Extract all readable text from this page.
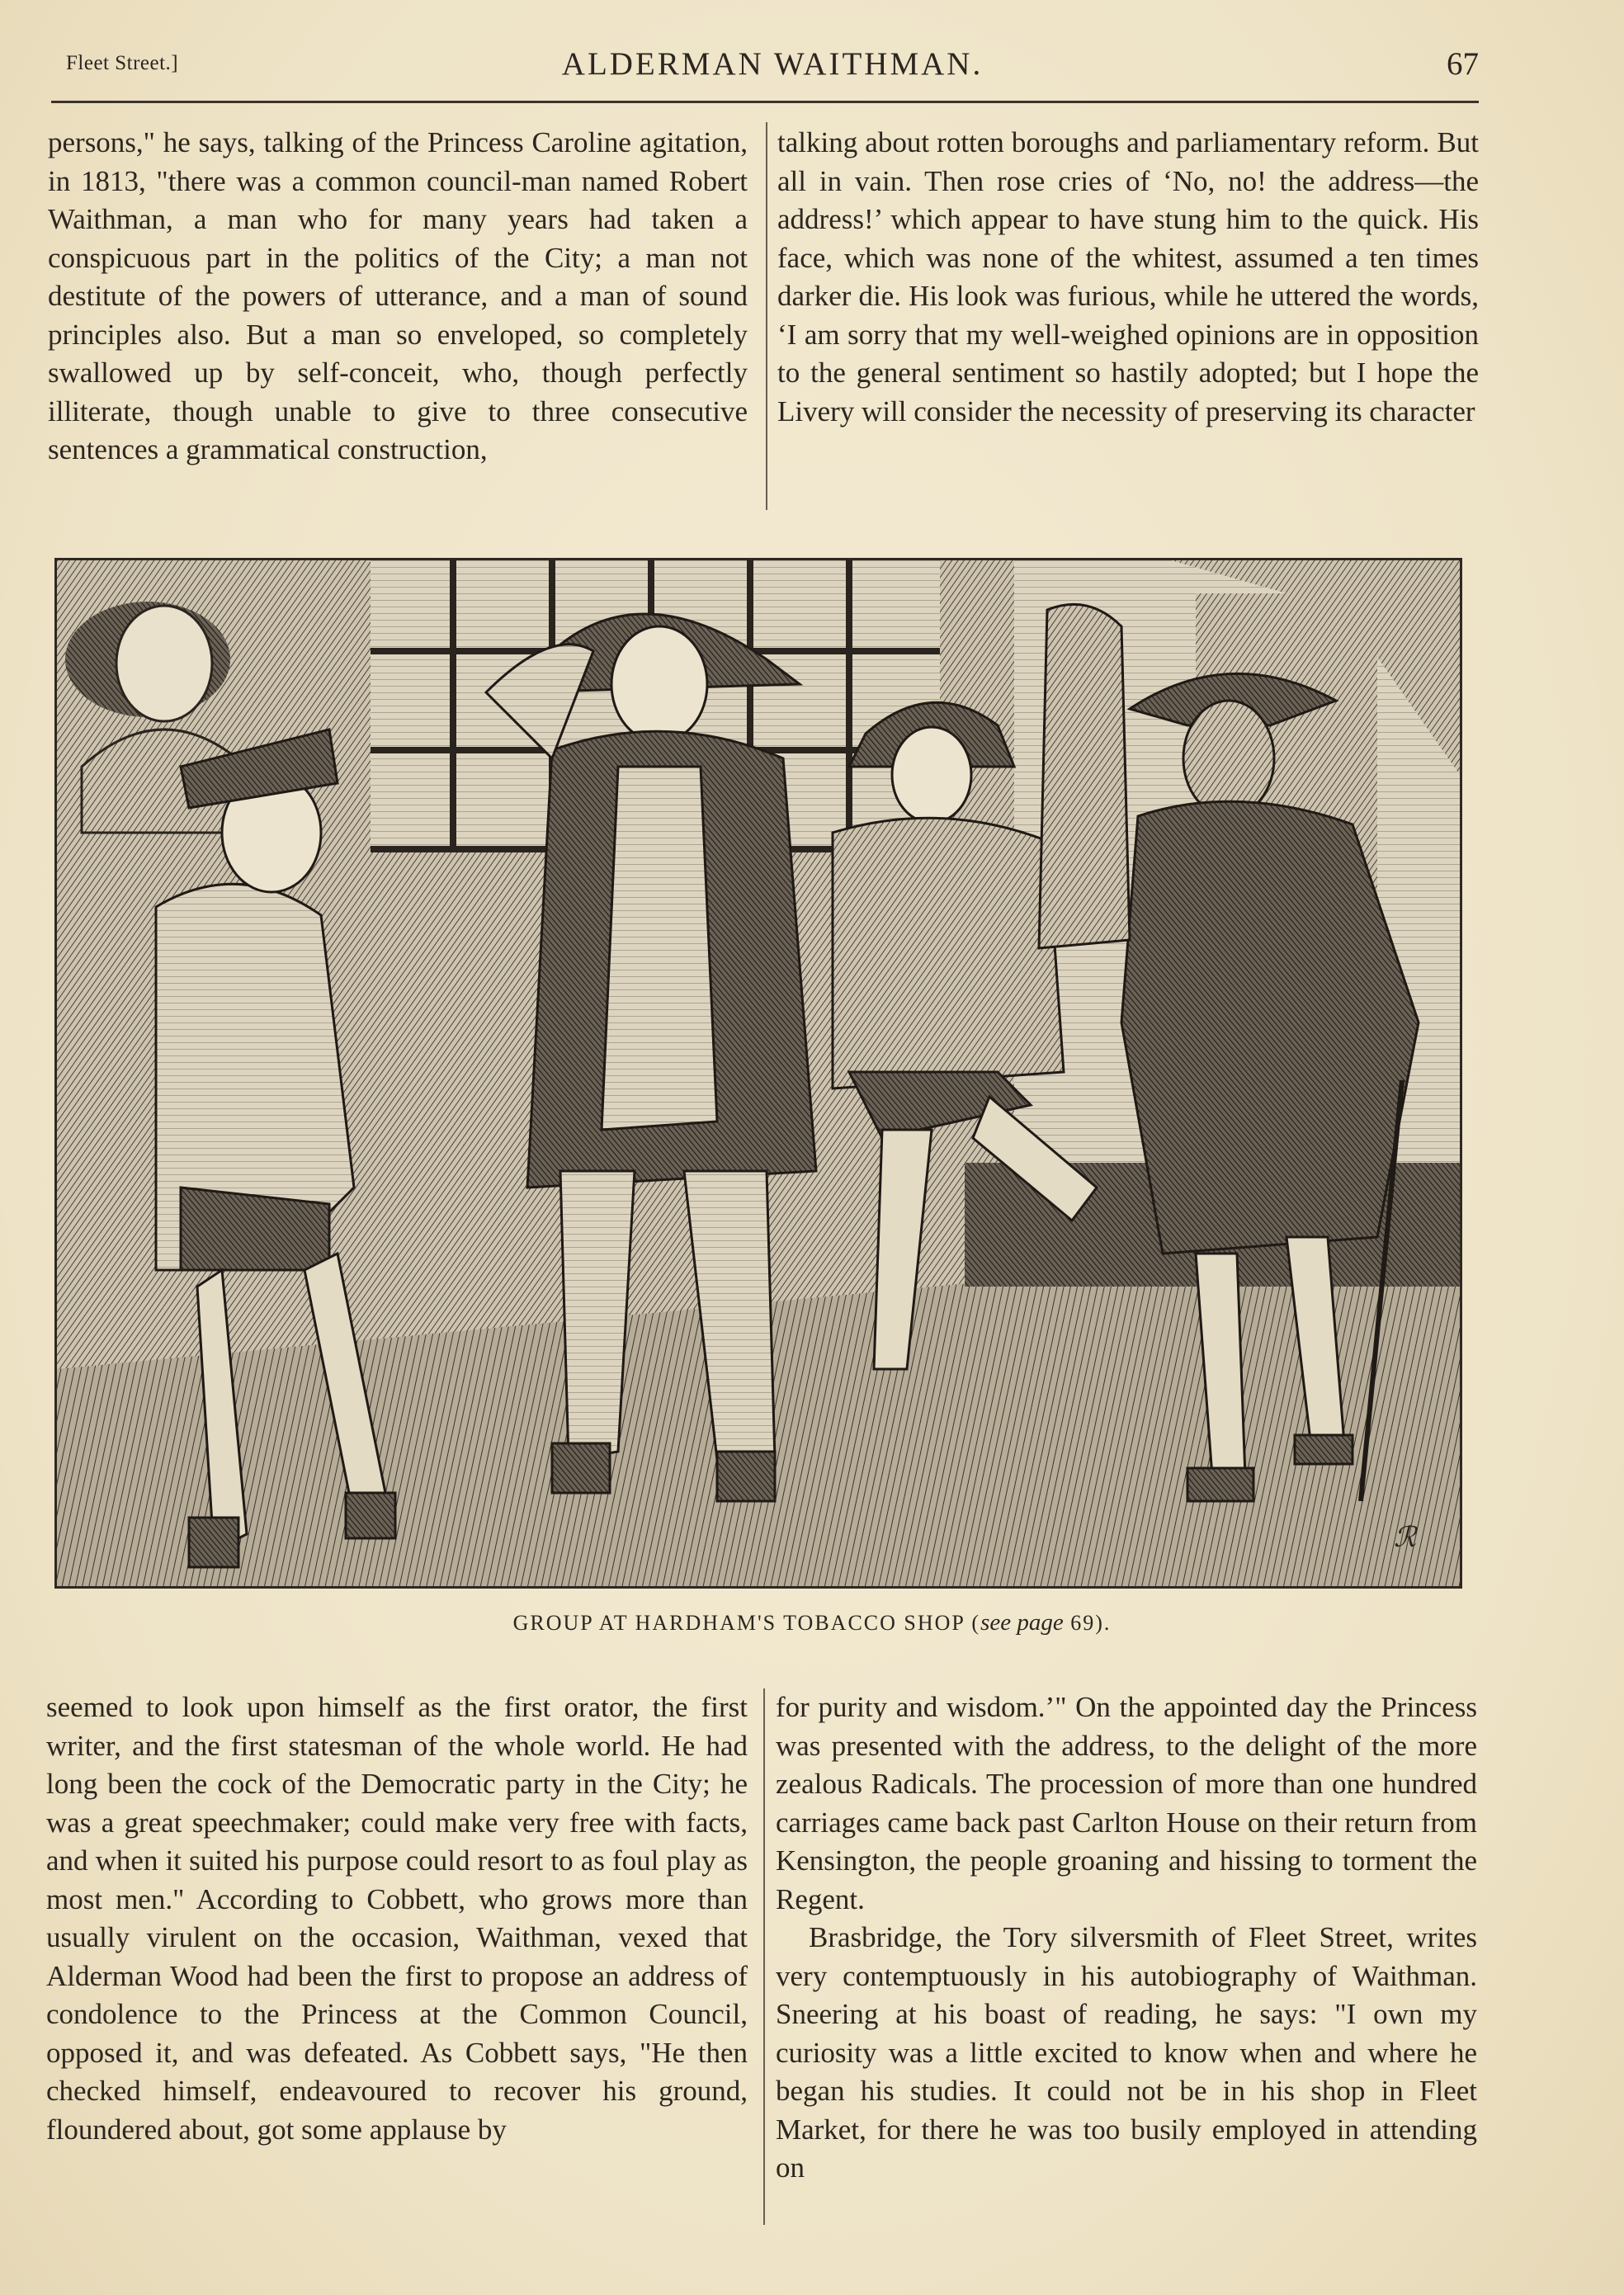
Fleet Street.]	ALDERMAN WAITHMAN.	67

persons," he says, talking of the Princess Caroline agitation, in 1813, "there was a common council-man named Robert Waithman, a man who for many years had taken a conspicuous part in the politics of the City; a man not destitute of the powers of utterance, and a man of sound principles also. But a man so enveloped, so completely swallowed up by self-conceit, who, though perfectly illiterate, though unable to give to three consecutive sentences a grammatical construction,

talking about rotten boroughs and parliamentary reform. But all in vain. Then rose cries of ‘No, no! the address—the address!’ which appear to have stung him to the quick. His face, which was none of the whitest, assumed a ten times darker die. His look was furious, while he uttered the words, ‘I am sorry that my well-weighed opinions are in opposition to the general sentiment so hastily adopted; but I hope the Livery will consider the necessity of preserving its character

ℛ
GROUP AT HARDHAM'S TOBACCO SHOP (see page 69).

seemed to look upon himself as the first orator, the first writer, and the first statesman of the whole world. He had long been the cock of the Democratic party in the City; he was a great speechmaker; could make very free with facts, and when it suited his purpose could resort to as foul play as most men." According to Cobbett, who grows more than usually virulent on the occasion, Waithman, vexed that Alderman Wood had been the first to propose an address of condolence to the Princess at the Common Council, opposed it, and was defeated. As Cobbett says, "He then checked himself, endeavoured to recover his ground, floundered about, got some applause by

for purity and wisdom.’" On the appointed day the Princess was presented with the address, to the delight of the more zealous Radicals. The procession of more than one hundred carriages came back past Carlton House on their return from Kensington, the people groaning and hissing to torment the Regent.

Brasbridge, the Tory silversmith of Fleet Street, writes very contemptuously in his autobiography of Waithman. Sneering at his boast of reading, he says: "I own my curiosity was a little excited to know when and where he began his studies. It could not be in his shop in Fleet Market, for there he was too busily employed in attending on
